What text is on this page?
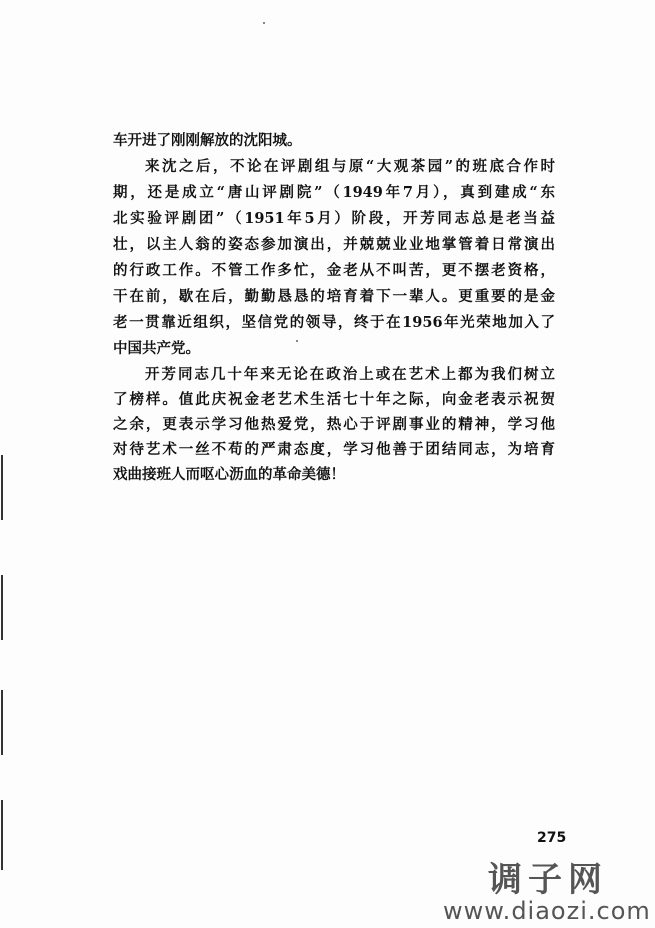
车开进了刚刚解放的沈阳城。
来沈之后，不论在评剧组与原“大观茶园”的班底合作时
期，还是成立“唐山评剧院”（1949年7月），真到建成“东
北实验评剧团”（1951年5月）阶段，开芳同志总是老当益
壮，以主人翁的姿态参加演出，并兢兢业业地掌管着日常演出
的行政工作。不管工作多忙，金老从不叫苦，更不摆老资格，
干在前，歇在后，勤勤恳恳的培育着下一辈人。更重要的是金
老一贯靠近组织，坚信党的领导，终于在1956年光荣地加入了
中国共产党。
开芳同志几十年来无论在政治上或在艺术上都为我们树立
了榜样。值此庆祝金老艺术生活七十年之际，向金老表示祝贺
之余，更表示学习他热爱党，热心于评剧事业的精神，学习他
对待艺术一丝不苟的严肃态度，学习他善于团结同志，为培育
戏曲接班人而呕心沥血的革命美德！
275
调子网
www.diaozi.com
